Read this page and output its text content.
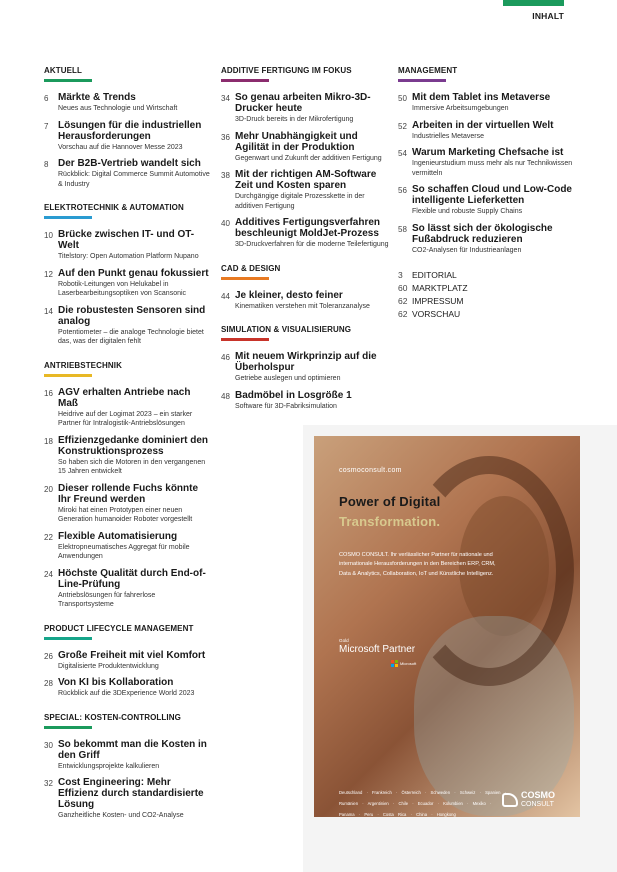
INHALT
AKTUELL
6 Märkte & Trends
Neues aus Technologie und Wirtschaft
7 Lösungen für die industriellen Herausforderungen
Vorschau auf die Hannover Messe 2023
8 Der B2B-Vertrieb wandelt sich
Rückblick: Digital Commerce Summit Automotive & Industry
ELEKTROTECHNIK & AUTOMATION
10 Brücke zwischen IT- und OT-Welt
Titelstory: Open Automation Platform Nupano
12 Auf den Punkt genau fokussiert
Robotik-Leitungen von Helukabel in Laserbearbeitungsoptiken von Scansonic
14 Die robustesten Sensoren sind analog
Potentiometer – die analoge Technologie bietet das, was der digitalen fehlt
ANTRIEBSTECHNIK
16 AGV erhalten Antriebe nach Maß
Heidrive auf der Logimat 2023 – ein starker Partner für Intralogistik-Antriebslösungen
18 Effizienzgedanke dominiert den Konstruktionsprozess
So haben sich die Motoren in den vergangenen 15 Jahren entwickelt
20 Dieser rollende Fuchs könnte Ihr Freund werden
Miroki hat einen Prototypen einer neuen Generation humanoider Roboter vorgestellt
22 Flexible Automatisierung
Elektropneumatisches Aggregat für mobile Anwendungen
24 Höchste Qualität durch End-of-Line-Prüfung
Antriebslösungen für fahrerlose Transportsysteme
PRODUCT LIFECYCLE MANAGEMENT
26 Große Freiheit mit viel Komfort
Digitalisierte Produktentwicklung
28 Von KI bis Kollaboration
Rückblick auf die 3DExperience World 2023
SPECIAL: KOSTEN-CONTROLLING
30 So bekommt man die Kosten in den Griff
Entwicklungsprojekte kalkulieren
32 Cost Engineering: Mehr Effizienz durch standardisierte Lösung
Ganzheitliche Kosten- und CO2-Analyse
ADDITIVE FERTIGUNG IM FOKUS
34 So genau arbeiten Mikro-3D-Drucker heute
3D-Druck bereits in der Mikrofertigung
36 Mehr Unabhängigkeit und Agilität in der Produktion
Gegenwart und Zukunft der additiven Fertigung
38 Mit der richtigen AM-Software Zeit und Kosten sparen
Durchgängige digitale Prozesskette in der additiven Fertigung
40 Additives Fertigungsverfahren beschleunigt MoldJet-Prozess
3D-Druckverfahren für die moderne Teilefertigung
CAD & DESIGN
44 Je kleiner, desto feiner
Kinematiken verstehen mit Toleranzanalyse
SIMULATION & VISUALISIERUNG
46 Mit neuem Wirkprinzip auf die Überholspur
Getriebe auslegen und optimieren
48 Badmöbel in Losgröße 1
Software für 3D-Fabriksimulation
MANAGEMENT
50 Mit dem Tablet ins Metaverse
Immersive Arbeitsumgebungen
52 Arbeiten in der virtuellen Welt
Industrielles Metaverse
54 Warum Marketing Chefsache ist
Ingenieurstudium muss mehr als nur Technikwissen vermitteln
56 So schaffen Cloud und Low-Code intelligente Lieferketten
Flexible und robuste Supply Chains
58 So lässt sich der ökologische Fußabdruck reduzieren
CO2-Analysen für Industrieanlagen
3	EDITORIAL
60 MARKTPLATZ
62 IMPRESSUM
62 VORSCHAU
cosmoconsult.com
Power of Digital
Transformation.
COSMO CONSULT. Ihr verlässlicher Partner für nationale und internationale Herausforderungen in den Bereichen ERP, CRM, Data & Analytics, Collaboration, IoT und Künstliche Intelligenz.
Gold
Microsoft Partner
Microsoft
Deutschland · Frankreich · Österreich · Schweden · Schweiz · Spanien · Rumänien · Argentinien · Chile · Ecuador · Kolumbien · Mexiko · Panama · Peru · Costa Rica · China · Hongkong
COSMO
CONSULT
